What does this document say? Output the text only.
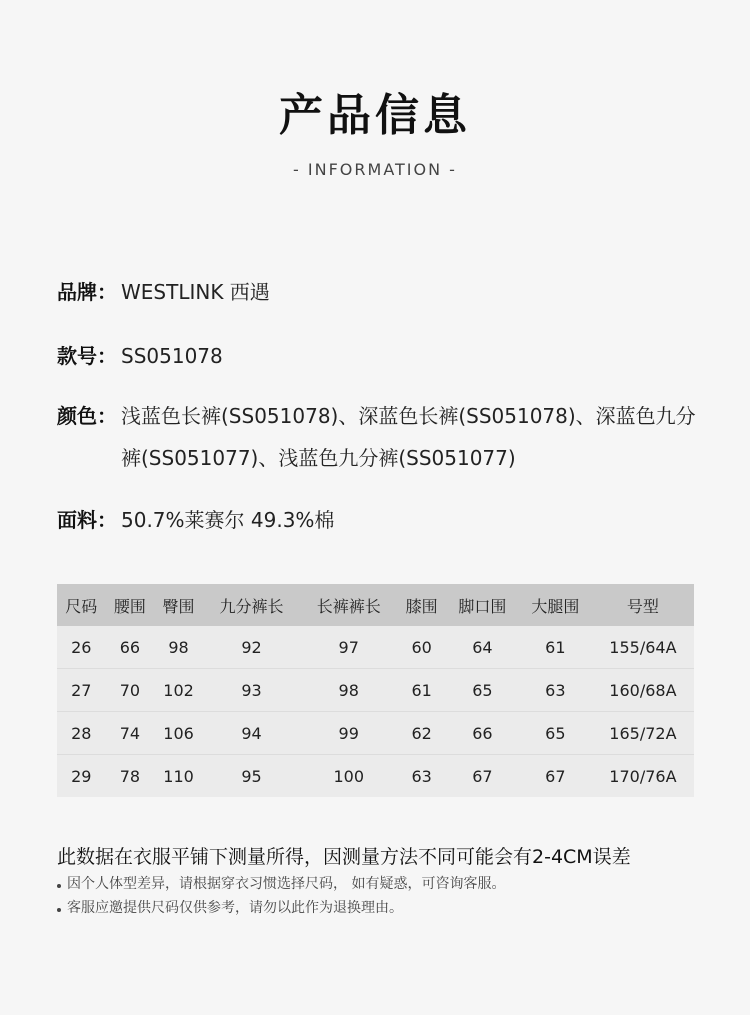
产品信息
- INFORMATION -
品牌： WESTLINK 西遇
款号： SS051078
颜色： 浅蓝色长裤(SS051078)、深蓝色长裤(SS051078)、深蓝色九分裤(SS051077)、浅蓝色九分裤(SS051077)
面料： 50.7%莱赛尔 49.3%棉
尺码	腰围	臀围	九分裤长	长裤裤长	膝围	脚口围	大腿围	号型
26	66	98	92	97	60	64	61	155/64A
27	70	102	93	98	61	65	63	160/68A
28	74	106	94	99	62	66	65	165/72A
29	78	110	95	100	63	67	67	170/76A
此数据在衣服平铺下测量所得，因测量方法不同可能会有2-4CM误差
因个人体型差异，请根据穿衣习惯选择尺码， 如有疑惑，可咨询客服。
客服应邀提供尺码仅供参考，请勿以此作为退换理由。
